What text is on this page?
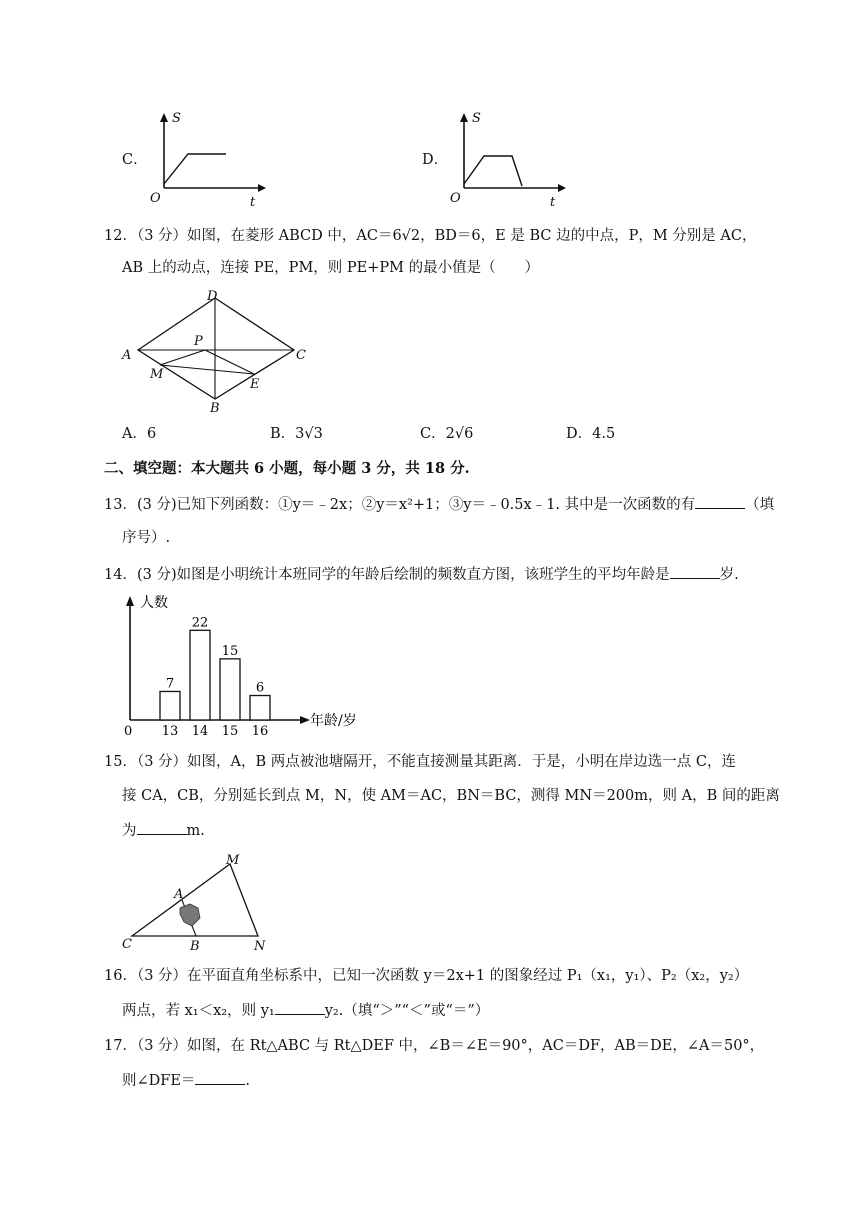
C．
S
O	t
D．
S
O	t
12．（3 分）如图，在菱形 ABCD 中，AC＝6√2，BD＝6，E 是 BC 边的中点，P，M 分别是 AC，
AB 上的动点，连接 PE，PM，则 PE+PM 的最小值是（　　）
D
A	C
B
P
M
E
A．6	B．3√3	C．2√6	D．4.5
二、填空题：本大题共 6 小题，每小题 3 分，共 18 分.
13．(3 分)已知下列函数：①y＝﹣2x；②y＝x²+1；③y＝﹣0.5x﹣1. 其中是一次函数的有	（填
序号）.
14．(3 分)如图是小明统计本班同学的年龄后绘制的频数直方图，该班学生的平均年龄是	岁.
人数
年龄/岁
0
7
13
22
14
15
15
6
16
15．（3 分）如图，A，B 两点被池塘隔开，不能直接测量其距离．于是，小明在岸边选一点 C，连
接 CA，CB，分别延长到点 M，N，使 AM＝AC，BN＝BC，测得 MN＝200m，则 A，B 间的距离
为	m.
A
B
C
M
N
16．（3 分）在平面直角坐标系中，已知一次函数 y＝2x+1 的图象经过 P₁（x₁，y₁）、P₂（x₂，y₂）
两点，若 x₁＜x₂，则 y₁	y₂.（填“＞”“＜”或“＝”）
17．（3 分）如图，在 Rt△ABC 与 Rt△DEF 中，∠B＝∠E＝90°，AC＝DF，AB＝DE，∠A＝50°，
则∠DFE＝	.
